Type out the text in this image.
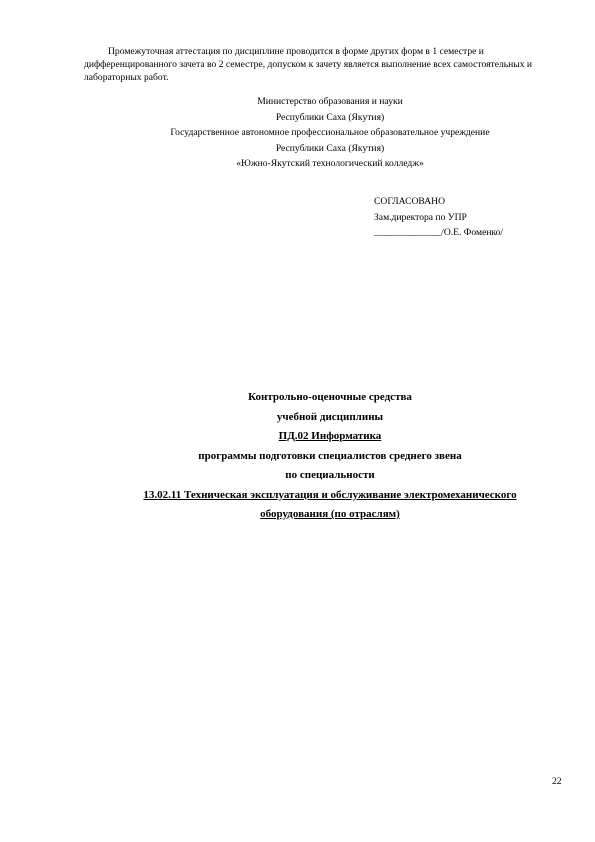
Промежуточная аттестация по дисциплине проводится в форме других форм в 1 семестре и дифференцированного зачета во 2 семестре, допуском к зачету является выполнение всех самостоятельных и лабораторных работ.
Министерство образования и науки
Республики Саха (Якутия)
Государственное автономное профессиональное образовательное учреждение
Республики Саха (Якутия)
«Южно-Якутский технологический колледж»
СОГЛАСОВАНО
Зам.директора по УПР
______________/О.Е. Фоменко/
Контрольно-оценочные средства
учебной дисциплины
ПД.02 Информатика
программы подготовки специалистов среднего звена
по специальности
13.02.11 Техническая эксплуатация и обслуживание электромеханического
оборудования (по отраслям)
22
